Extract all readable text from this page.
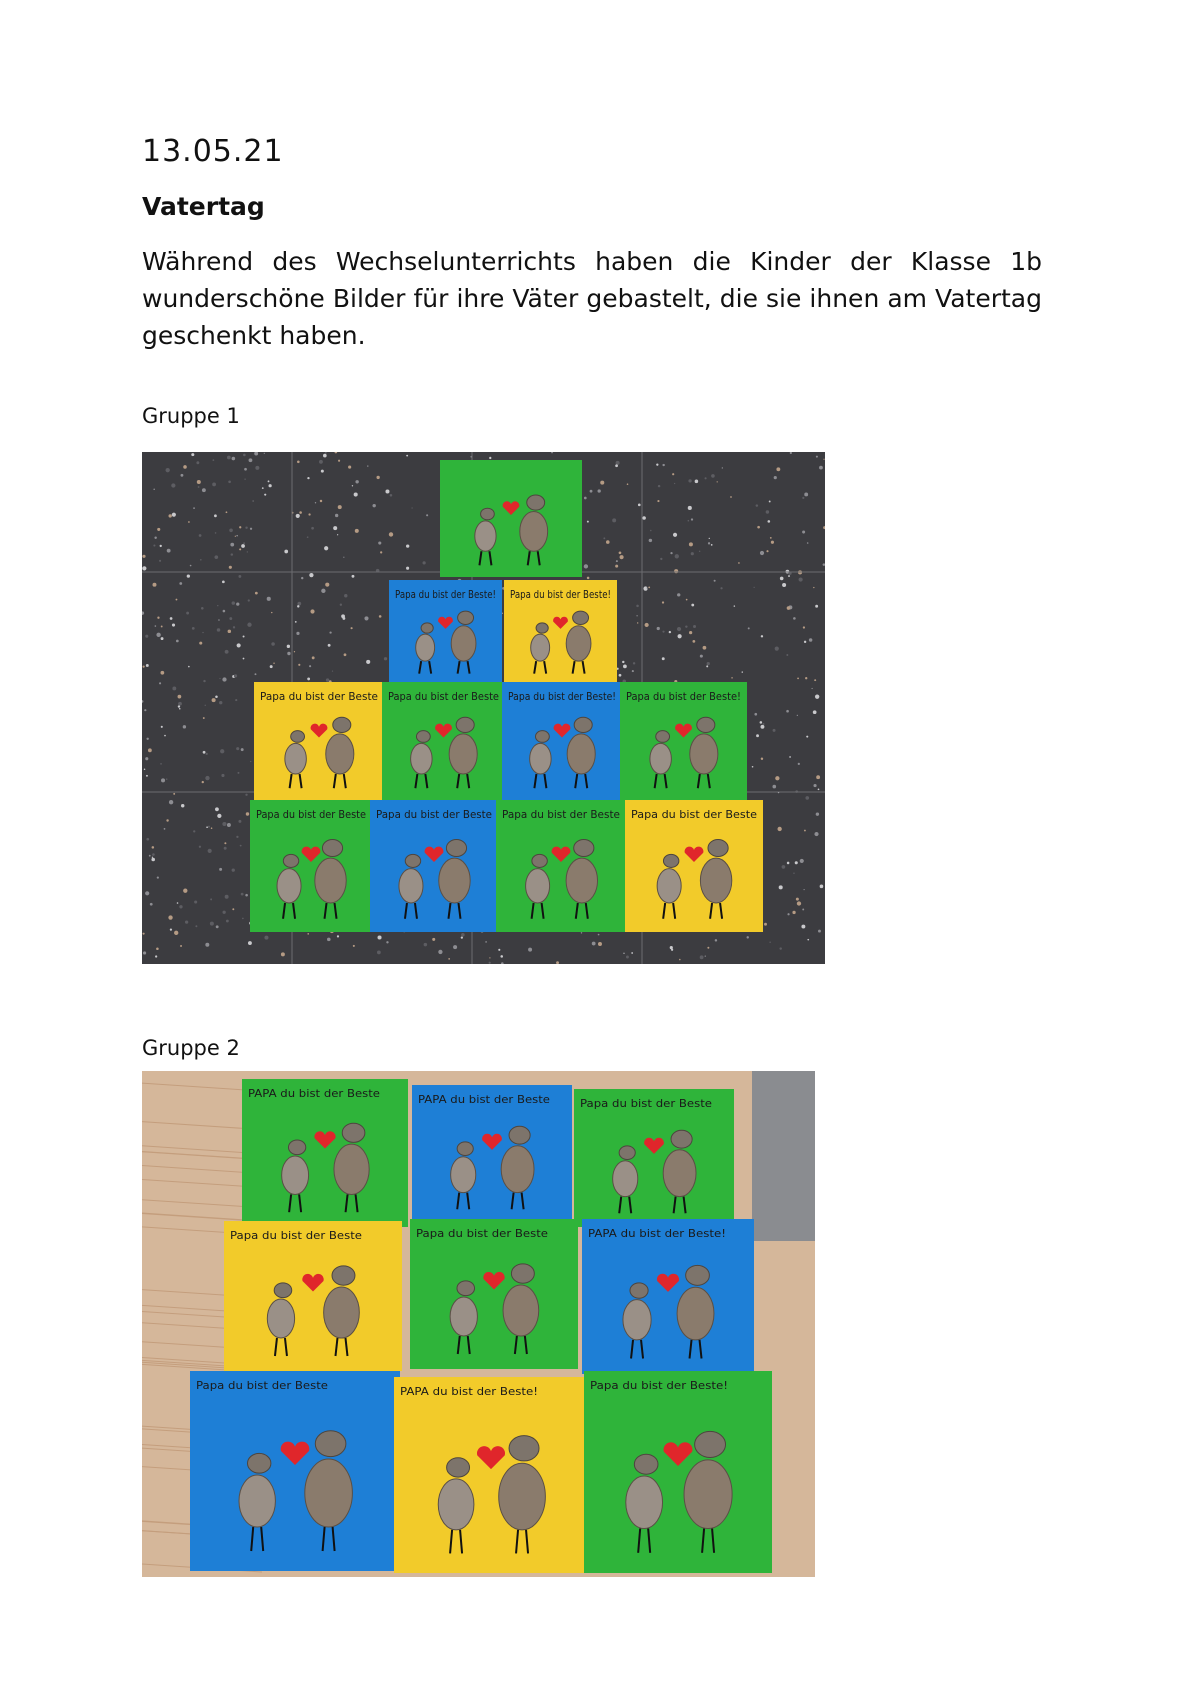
13.05.21
Vatertag
Während des Wechselunterrichts haben die Kinder der Klasse 1b wunderschöne Bilder für ihre Väter gebastelt, die sie ihnen am Vatertag geschenkt haben.
Gruppe 1
Papa du bist der Beste! Papa du bist der Beste!
Papa du bist der Beste Papa du bist der Beste Papa du bist der Beste! Papa du bist der Beste!
Papa du bist der Beste Papa du bist der Beste Papa du bist der Beste Papa du bist der Beste
Gruppe 2
PAPA du bist der Beste	PAPA du bist der Beste	Papa du bist der Beste
Papa du bist der Beste	Papa du bist der Beste	PAPA du bist der Beste!
Papa du bist der Beste	PAPA du bist der Beste!	Papa du bist der Beste!
